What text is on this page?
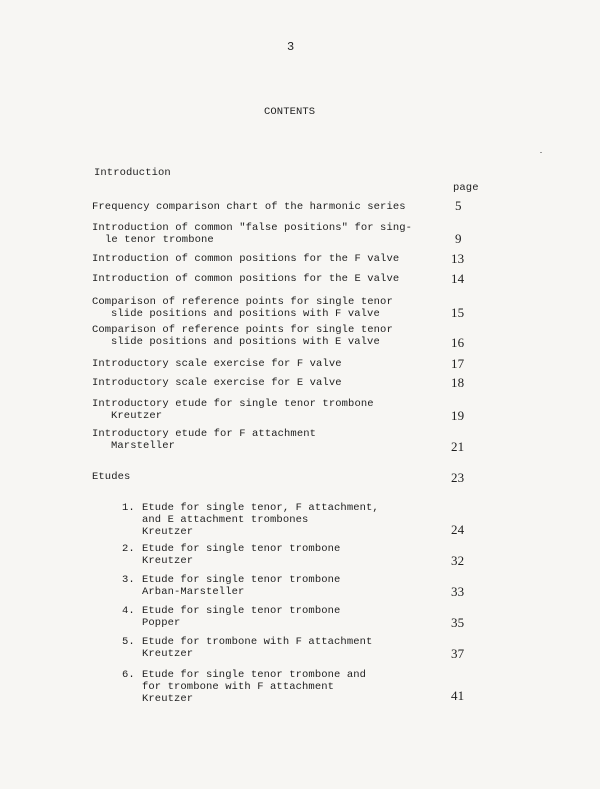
3
CONTENTS
Introduction
page
Frequency comparison chart of the harmonic series	5
Introduction of common "false positions" for sing-
le tenor trombone	9
Introduction of common positions for the F valve	13
Introduction of common positions for the E valve	14
Comparison of reference points for single tenor
slide positions and positions with F valve	15
Comparison of reference points for single tenor
slide positions and positions with E valve	16
Introductory scale exercise for F valve	17
Introductory scale exercise for E valve	18
Introductory etude for single tenor trombone
Kreutzer	19
Introductory etude for F attachment
Marsteller	21
Etudes	23
1. Etude for single tenor, F attachment,
and E attachment trombones
Kreutzer	24
2. Etude for single tenor trombone
Kreutzer	32
3. Etude for single tenor trombone
Arban-Marsteller	33
4. Etude for single tenor trombone
Popper	35
5. Etude for trombone with F attachment
Kreutzer	37
6. Etude for single tenor trombone and
for trombone with F attachment
Kreutzer	41
